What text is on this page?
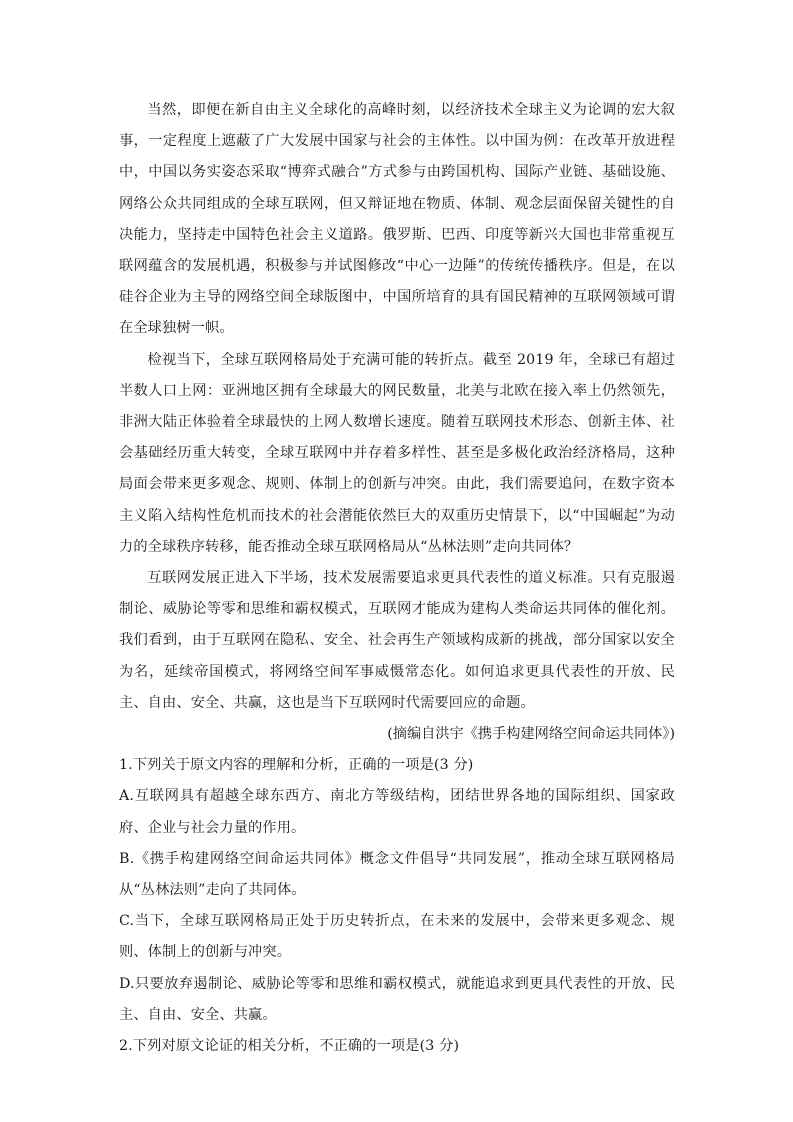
当然，即便在新自由主义全球化的高峰时刻，以经济技术全球主义为论调的宏大叙事，一定程度上遮蔽了广大发展中国家与社会的主体性。以中国为例：在改革开放进程中，中国以务实姿态采取“博弈式融合”方式参与由跨国机构、国际产业链、基础设施、网络公众共同组成的全球互联网，但又辩证地在物质、体制、观念层面保留关键性的自决能力，坚持走中国特色社会主义道路。俄罗斯、巴西、印度等新兴大国也非常重视互联网蕴含的发展机遇，积极参与并试图修改“中心一边陲”的传统传播秩序。但是，在以硅谷企业为主导的网络空间全球版图中，中国所培育的具有国民精神的互联网领域可谓在全球独树一帜。

检视当下，全球互联网格局处于充满可能的转折点。截至 2019 年，全球已有超过半数人口上网：亚洲地区拥有全球最大的网民数量，北美与北欧在接入率上仍然领先，非洲大陆正体验着全球最快的上网人数增长速度。随着互联网技术形态、创新主体、社会基础经历重大转变，全球互联网中并存着多样性、甚至是多极化政治经济格局，这种局面会带来更多观念、规则、体制上的创新与冲突。由此，我们需要追问，在数字资本主义陷入结构性危机而技术的社会潜能依然巨大的双重历史情景下，以“中国崛起”为动力的全球秩序转移，能否推动全球互联网格局从“丛林法则”走向共同体？

互联网发展正进入下半场，技术发展需要追求更具代表性的道义标准。只有克服遏制论、威胁论等零和思维和霸权模式，互联网才能成为建构人类命运共同体的催化剂。我们看到，由于互联网在隐私、安全、社会再生产领域构成新的挑战，部分国家以安全为名，延续帝国模式，将网络空间军事威慑常态化。如何追求更具代表性的开放、民主、自由、安全、共赢，这也是当下互联网时代需要回应的命题。

(摘编自洪宇《携手构建网络空间命运共同体》)

1.下列关于原文内容的理解和分析，正确的一项是(3 分)

A.互联网具有超越全球东西方、南北方等级结构，团结世界各地的国际组织、国家政府、企业与社会力量的作用。

B.《携手构建网络空间命运共同体》概念文件倡导“共同发展”，推动全球互联网格局从“丛林法则”走向了共同体。

C.当下，全球互联网格局正处于历史转折点，在未来的发展中，会带来更多观念、规则、体制上的创新与冲突。

D.只要放弃遏制论、威胁论等零和思维和霸权模式，就能追求到更具代表性的开放、民主、自由、安全、共赢。

2.下列对原文论证的相关分析，不正确的一项是(3 分)
